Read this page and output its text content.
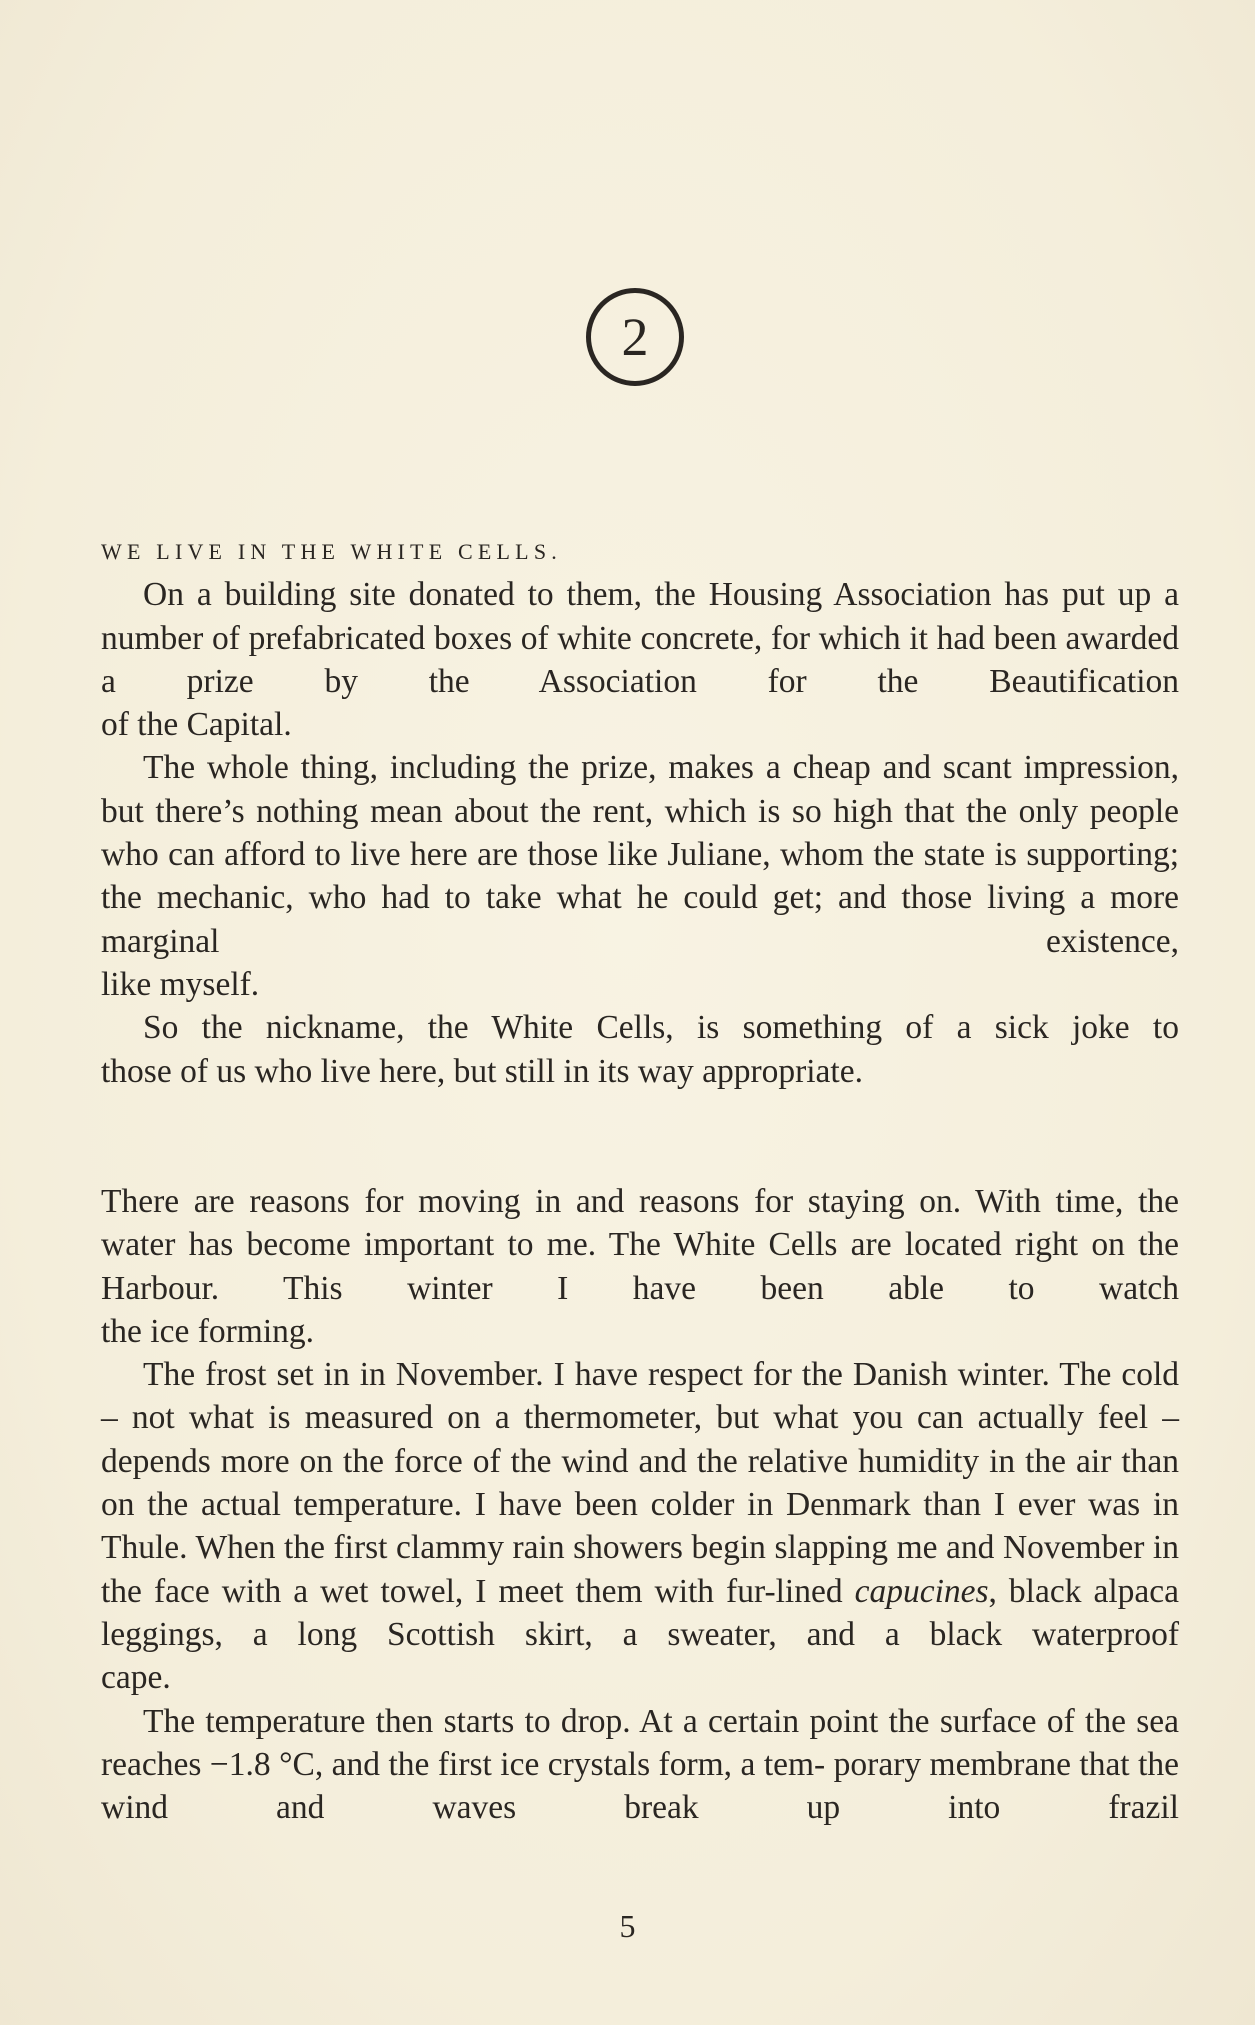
2

WE LIVE IN THE WHITE CELLS.

On a building site donated to them, the Housing Association has put up a number of prefabricated boxes of white concrete, for which it had been awarded a prize by the Association for the Beautification

of the Capital.

The whole thing, including the prize, makes a cheap and scant impression, but there’s nothing mean about the rent, which is so high that the only people who can afford to live here are those like Juliane, whom the state is supporting; the mechanic, who had to take what he could get; and those living a more marginal existence,

like myself.

So the nickname, the White Cells, is something of a sick joke to

those of us who live here, but still in its way appropriate.

There are reasons for moving in and reasons for staying on. With time, the water has become important to me. The White Cells are located right on the Harbour. This winter I have been able to watch

the ice forming.

The frost set in in November. I have respect for the Danish winter. The cold – not what is measured on a thermometer, but what you can actually feel – depends more on the force of the wind and the relative humidity in the air than on the actual temperature. I have been colder in Denmark than I ever was in Thule. When the first clammy rain showers begin slapping me and November in the face with a wet towel, I meet them with fur-lined capucines, black alpaca leggings, a long Scottish skirt, a sweater, and a black waterproof

cape.

The temperature then starts to drop. At a certain point the surface of the sea reaches −1.8 °C, and the first ice crystals form, a tem- porary membrane that the wind and waves break up into frazil

5
